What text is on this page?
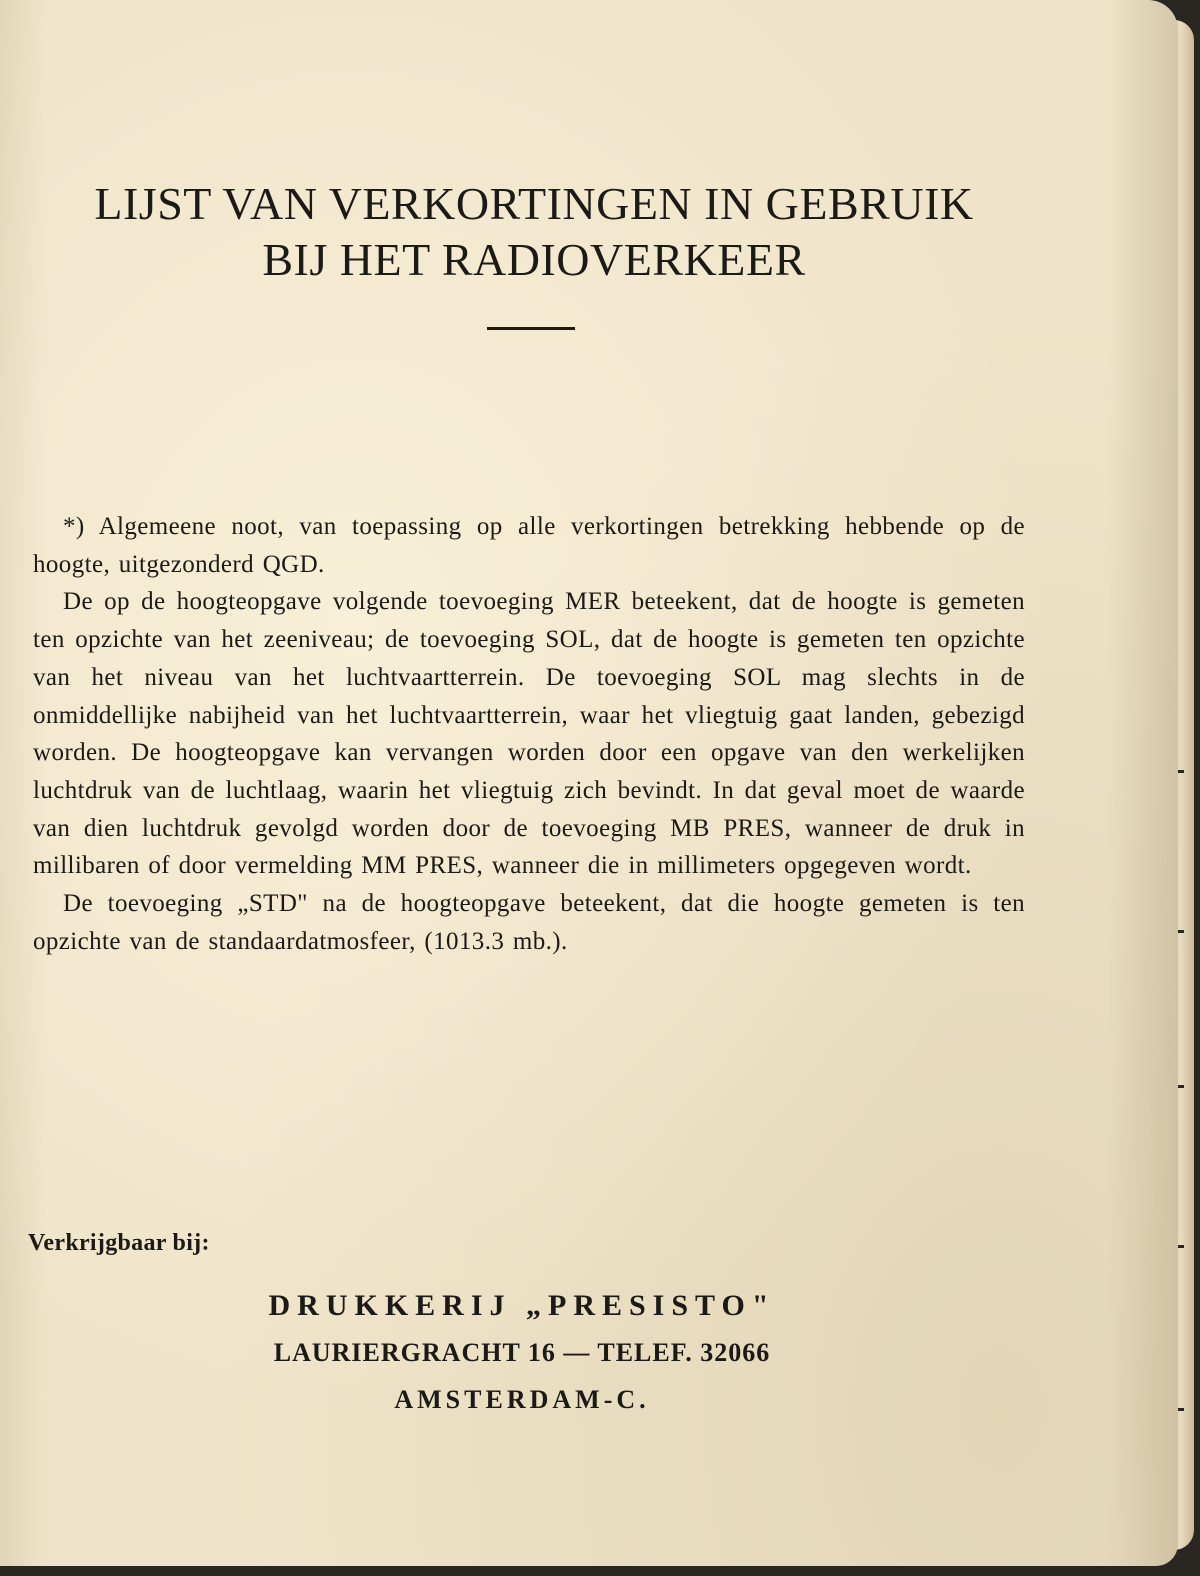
LIJST VAN VERKORTINGEN IN GEBRUIK
BIJ HET RADIOVERKEER

*) Algemeene noot, van toepassing op alle verkortingen betrekking hebbende op de hoogte, uitgezonderd QGD.

De op de hoogteopgave volgende toevoeging MER beteekent, dat de hoogte is gemeten ten opzichte van het zeeniveau; de toevoeging SOL, dat de hoogte is gemeten ten opzichte van het niveau van het luchtvaartterrein. De toevoeging SOL mag slechts in de onmiddellijke nabijheid van het luchtvaartterrein, waar het vliegtuig gaat landen, gebezigd worden. De hoogteopgave kan vervangen worden door een opgave van den werkelijken luchtdruk van de luchtlaag, waarin het vliegtuig zich bevindt. In dat geval moet de waarde van dien luchtdruk gevolgd worden door de toevoeging MB PRES, wanneer de druk in millibaren of door vermelding MM PRES, wanneer die in millimeters opgegeven wordt.

De toevoeging „STD" na de hoogteopgave beteekent, dat die hoogte gemeten is ten opzichte van de standaardatmosfeer, (1013.3 mb.).

Verkrijgbaar bij:
DRUKKERIJ „PRESISTO"
LAURIERGRACHT 16 — TELEF. 32066
AMSTERDAM-C.
